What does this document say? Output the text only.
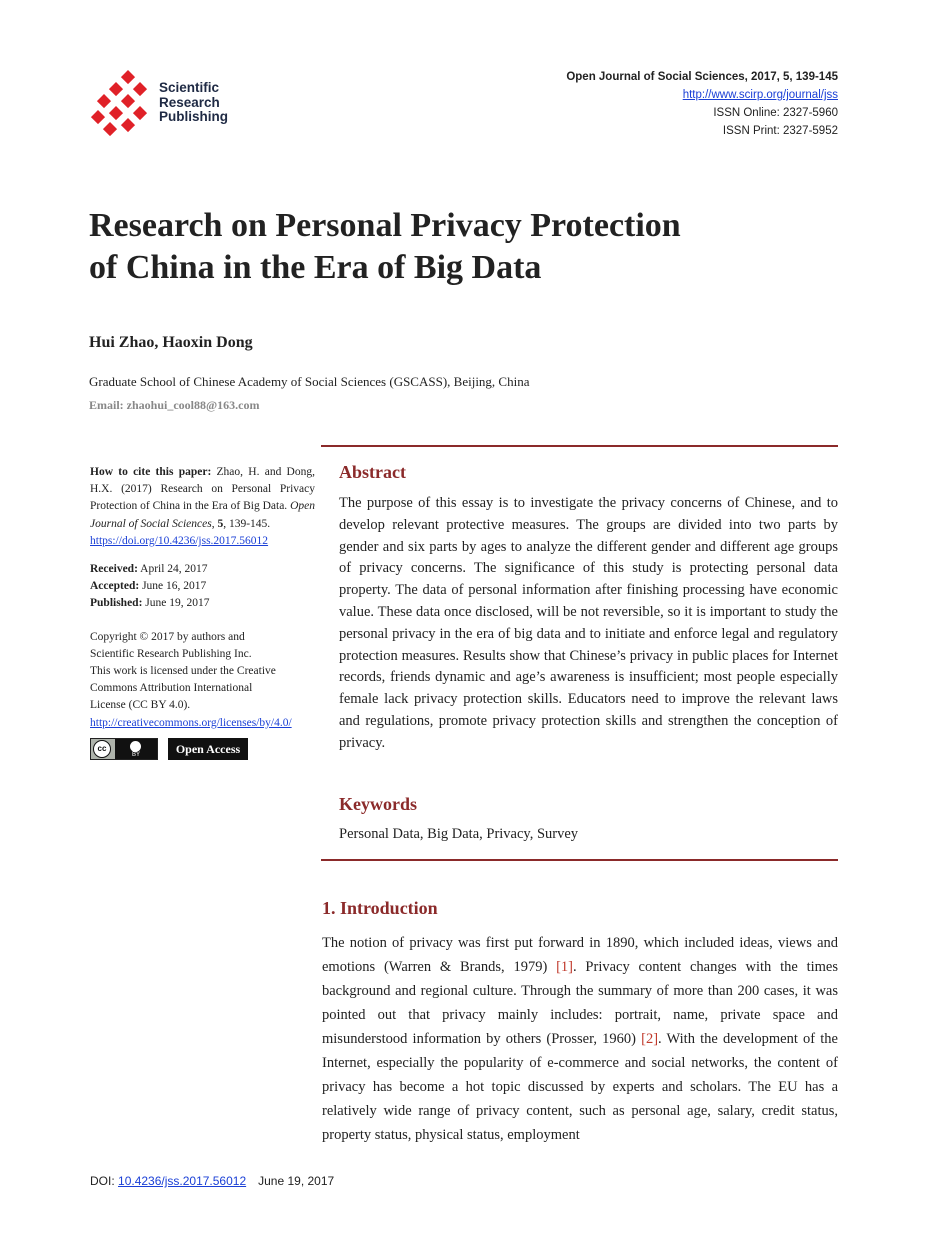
Scientific
Research
Publishing
Open Journal of Social Sciences, 2017, 5, 139-145
http://www.scirp.org/journal/jss
ISSN Online: 2327-5960
ISSN Print: 2327-5952
Research on Personal Privacy Protection
of China in the Era of Big Data
Hui Zhao, Haoxin Dong
Graduate School of Chinese Academy of Social Sciences (GSCASS), Beijing, China
Email: zhaohui_cool88@163.com
How to cite this paper: Zhao, H. and Dong, H.X. (2017) Research on Personal Privacy Protection of China in the Era of Big Data. Open Journal of Social Sciences, 5, 139-145.
https://doi.org/10.4236/jss.2017.56012
Received: April 24, 2017
Accepted: June 16, 2017
Published: June 19, 2017
Copyright © 2017 by authors and
Scientific Research Publishing Inc.
This work is licensed under the Creative
Commons Attribution International
License (CC BY 4.0).
http://creativecommons.org/licenses/by/4.0/
cc
BY	Open Access
Abstract
The purpose of this essay is to investigate the privacy concerns of Chinese, and to develop relevant protective measures. The groups are divided into two parts by gender and six parts by ages to analyze the different gender and different age groups of privacy concerns. The significance of this study is protecting personal data property. The data of personal information after finishing processing have economic value. These data once disclosed, will be not reversible, so it is important to study the personal privacy in the era of big data and to initiate and enforce legal and regulatory protection measures. Results show that Chinese’s privacy in public places for Internet records, friends dynamic and age’s awareness is insufficient; most people especially female lack privacy protection skills. Educators need to improve the relevant laws and regulations, promote privacy protection skills and strengthen the conception of privacy.
Keywords
Personal Data, Big Data, Privacy, Survey
1. Introduction
The notion of privacy was first put forward in 1890, which included ideas, views and emotions (Warren & Brands, 1979) [1]. Privacy content changes with the times background and regional culture. Through the summary of more than 200 cases, it was pointed out that privacy mainly includes: portrait, name, private space and misunderstood information by others (Prosser, 1960) [2]. With the development of the Internet, especially the popularity of e-commerce and social networks, the content of privacy has become a hot topic discussed by experts and scholars. The EU has a relatively wide range of privacy content, such as personal age, salary, credit status, property status, physical status, employment
DOI: 10.4236/jss.2017.56012 June 19, 2017
